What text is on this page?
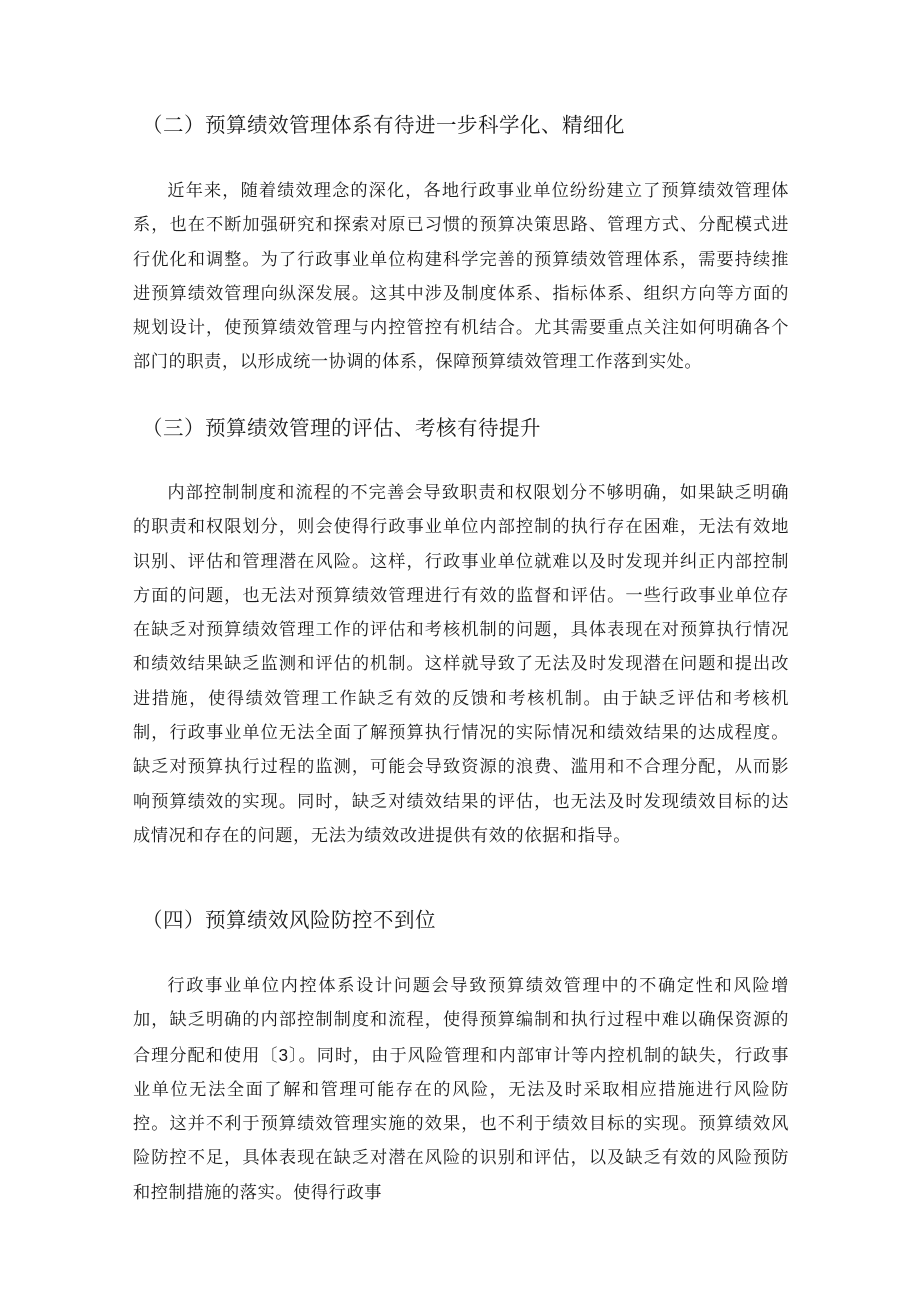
（二）预算绩效管理体系有待进一步科学化、精细化

近年来，随着绩效理念的深化，各地行政事业单位纷纷建立了预算绩效管理体系，也在不断加强研究和探索对原已习惯的预算决策思路、管理方式、分配模式进行优化和调整。为了行政事业单位构建科学完善的预算绩效管理体系，需要持续推进预算绩效管理向纵深发展。这其中涉及制度体系、指标体系、组织方向等方面的规划设计，使预算绩效管理与内控管控有机结合。尤其需要重点关注如何明确各个部门的职责，以形成统一协调的体系，保障预算绩效管理工作落到实处。

（三）预算绩效管理的评估、考核有待提升

内部控制制度和流程的不完善会导致职责和权限划分不够明确，如果缺乏明确的职责和权限划分，则会使得行政事业单位内部控制的执行存在困难，无法有效地识别、评估和管理潜在风险。这样，行政事业单位就难以及时发现并纠正内部控制方面的问题，也无法对预算绩效管理进行有效的监督和评估。一些行政事业单位存在缺乏对预算绩效管理工作的评估和考核机制的问题，具体表现在对预算执行情况和绩效结果缺乏监测和评估的机制。这样就导致了无法及时发现潜在问题和提出改进措施，使得绩效管理工作缺乏有效的反馈和考核机制。由于缺乏评估和考核机制，行政事业单位无法全面了解预算执行情况的实际情况和绩效结果的达成程度。缺乏对预算执行过程的监测，可能会导致资源的浪费、滥用和不合理分配，从而影响预算绩效的实现。同时，缺乏对绩效结果的评估，也无法及时发现绩效目标的达成情况和存在的问题，无法为绩效改进提供有效的依据和指导。

（四）预算绩效风险防控不到位

行政事业单位内控体系设计问题会导致预算绩效管理中的不确定性和风险增加，缺乏明确的内部控制制度和流程，使得预算编制和执行过程中难以确保资源的合理分配和使用〔3〕。同时，由于风险管理和内部审计等内控机制的缺失，行政事业单位无法全面了解和管理可能存在的风险，无法及时采取相应措施进行风险防控。这并不利于预算绩效管理实施的效果，也不利于绩效目标的实现。预算绩效风险防控不足，具体表现在缺乏对潜在风险的识别和评估，以及缺乏有效的风险预防和控制措施的落实。使得行政事
